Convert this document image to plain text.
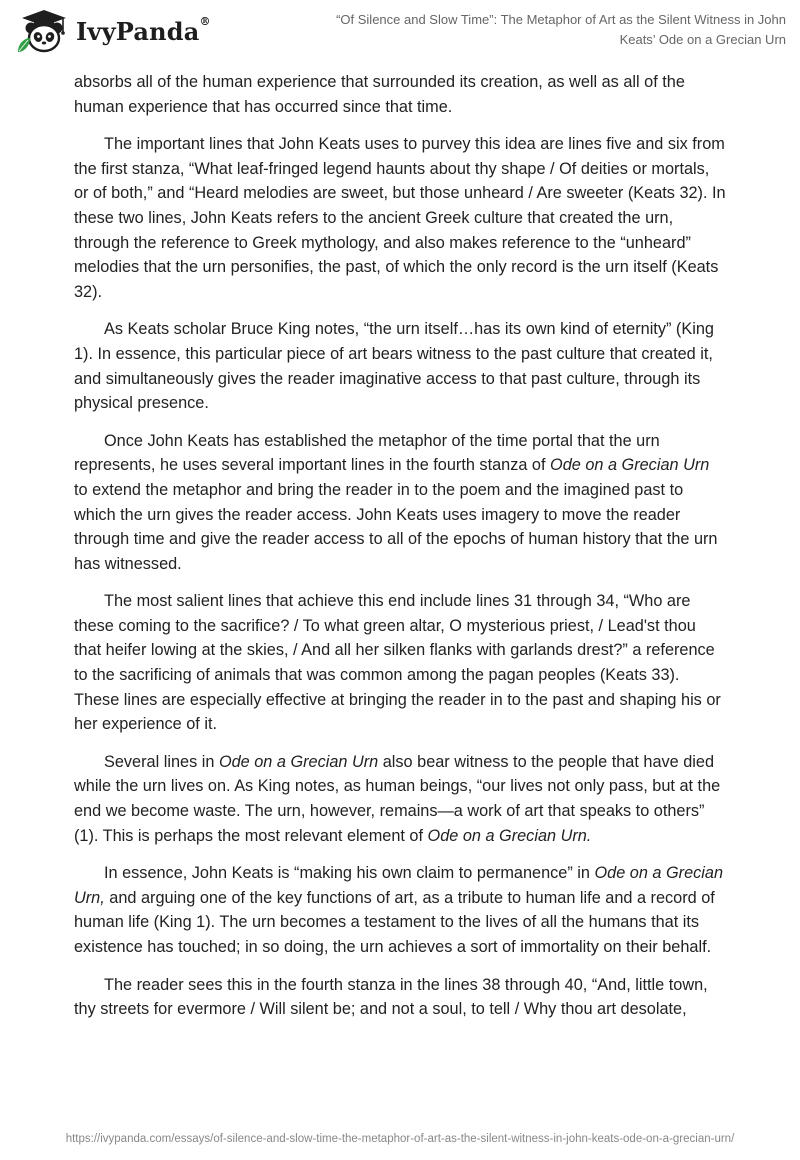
IvyPanda®	“Of Silence and Slow Time”: The Metaphor of Art as the Silent Witness in John Keats’ Ode on a Grecian Urn

absorbs all of the human experience that surrounded its creation, as well as all of the human experience that has occurred since that time.

The important lines that John Keats uses to purvey this idea are lines five and six from the first stanza, “What leaf-fringed legend haunts about thy shape / Of deities or mortals, or of both,” and “Heard melodies are sweet, but those unheard / Are sweeter (Keats 32). In these two lines, John Keats refers to the ancient Greek culture that created the urn, through the reference to Greek mythology, and also makes reference to the “unheard” melodies that the urn personifies, the past, of which the only record is the urn itself (Keats 32).

As Keats scholar Bruce King notes, “the urn itself…has its own kind of eternity” (King 1). In essence, this particular piece of art bears witness to the past culture that created it, and simultaneously gives the reader imaginative access to that past culture, through its physical presence.

Once John Keats has established the metaphor of the time portal that the urn represents, he uses several important lines in the fourth stanza of Ode on a Grecian Urn to extend the metaphor and bring the reader in to the poem and the imagined past to which the urn gives the reader access. John Keats uses imagery to move the reader through time and give the reader access to all of the epochs of human history that the urn has witnessed.

The most salient lines that achieve this end include lines 31 through 34, “Who are these coming to the sacrifice? / To what green altar, O mysterious priest, / Lead'st thou that heifer lowing at the skies, / And all her silken flanks with garlands drest?” a reference to the sacrificing of animals that was common among the pagan peoples (Keats 33). These lines are especially effective at bringing the reader in to the past and shaping his or her experience of it.

Several lines in Ode on a Grecian Urn also bear witness to the people that have died while the urn lives on. As King notes, as human beings, “our lives not only pass, but at the end we become waste. The urn, however, remains—a work of art that speaks to others” (1). This is perhaps the most relevant element of Ode on a Grecian Urn.

In essence, John Keats is “making his own claim to permanence” in Ode on a Grecian Urn, and arguing one of the key functions of art, as a tribute to human life and a record of human life (King 1). The urn becomes a testament to the lives of all the humans that its existence has touched; in so doing, the urn achieves a sort of immortality on their behalf.

The reader sees this in the fourth stanza in the lines 38 through 40, “And, little town, thy streets for evermore / Will silent be; and not a soul, to tell / Why thou art desolate,

https://ivypanda.com/essays/of-silence-and-slow-time-the-metaphor-of-art-as-the-silent-witness-in-john-keats-ode-on-a-grecian-urn/
